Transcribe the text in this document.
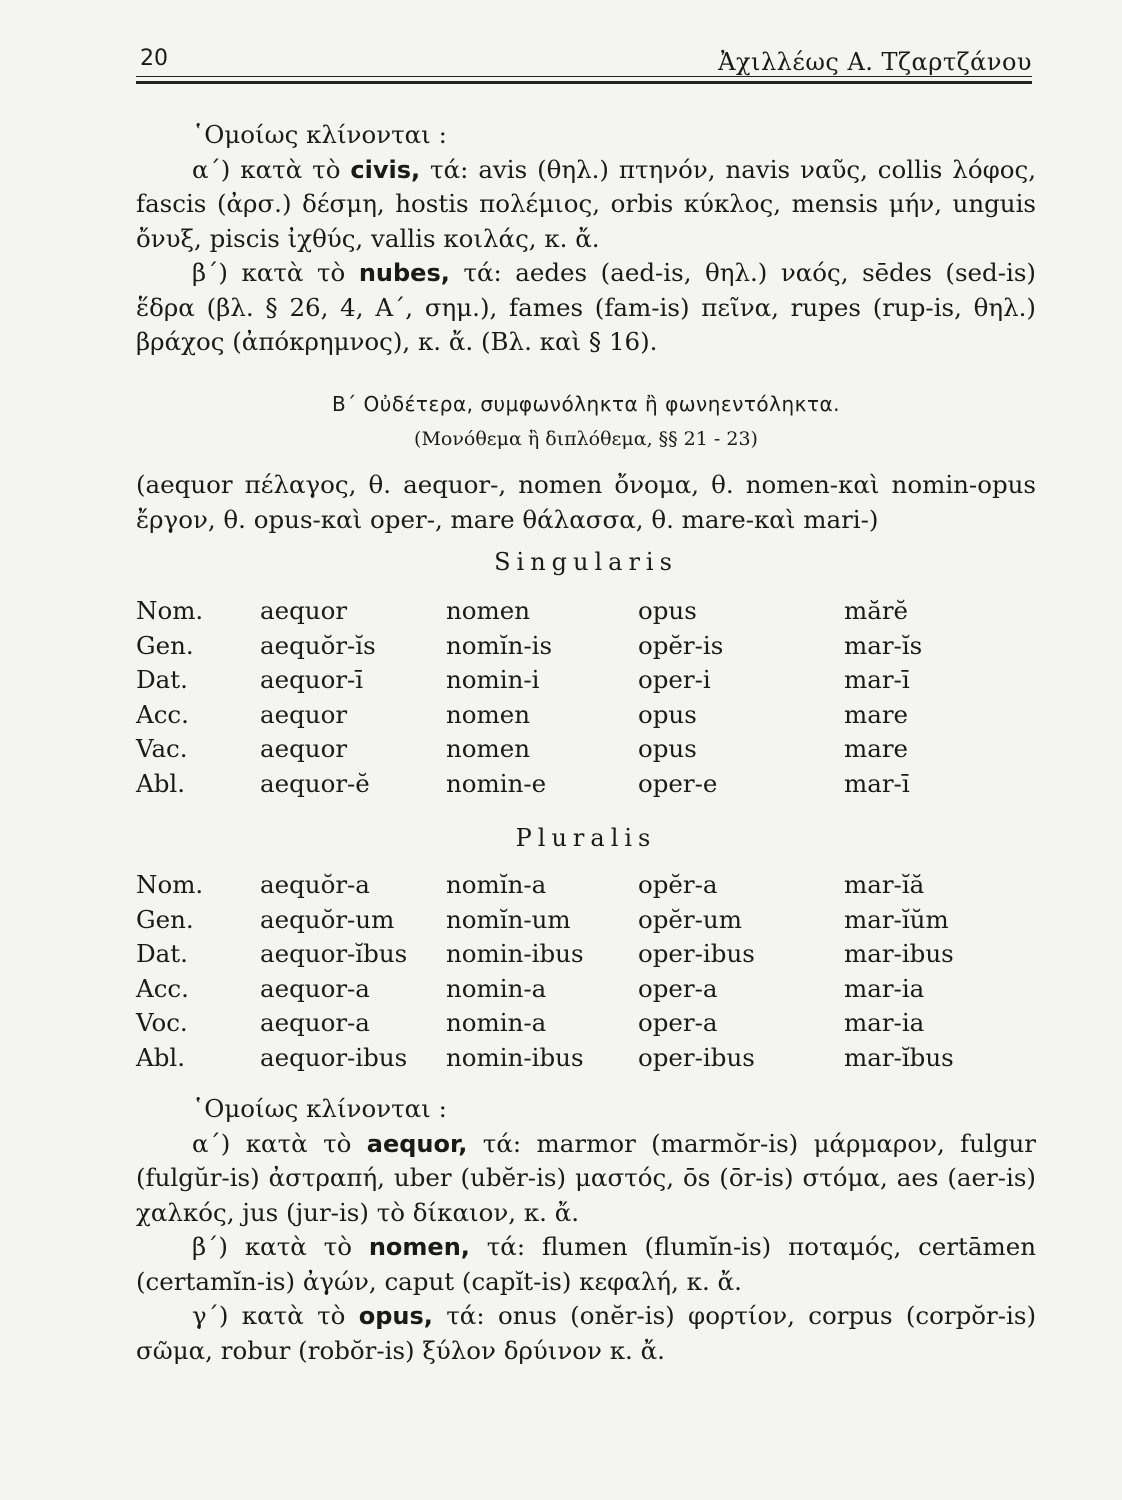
20	Ἀχιλλέως Α. Τζαρτζάνου

῾Ομοίως κλίνονται :

α΄) κατὰ τὸ civis, τά: avis (θηλ.) πτηνόν, navis ναῦς, collis λόφος, fascis (ἀρσ.) δέσμη, hostis πολέμιος, orbis κύκλος, mensis μήν, unguis ὄνυξ, piscis ἰχθύς, vallis κοιλάς, κ. ἄ.

β΄) κατὰ τὸ nubes, τά: aedes (aed-is, θηλ.) ναός, sēdes (sed-is) ἕδρα (βλ. § 26, 4, Α΄, σημ.), fames (fam-is) πεῖνα, rupes (rup-is, θηλ.) βράχος (ἀπόκρημνος), κ. ἄ. (Βλ. καὶ § 16).

Β΄ Οὐδέτερα, συμφωνόληκτα ἢ φωνηεντόληκτα.
(Μονόθεμα ἢ διπλόθεμα, §§ 21 - 23)

(aequor πέλαγος, θ. aequor-, nomen ὄνομα, θ. nomen-καὶ nomin-opus ἔργον, θ. opus-καὶ oper-, mare θάλασσα, θ. mare-καὶ mari-)

Singularis
Nom.	aequor	nomen	opus	mărĕ
Gen.	aequŏr-ĭs	nomĭn-is	opĕr-is	mar-ĭs
Dat.	aequor-ī	nomin-i	oper-i	mar-ī
Acc.	aequor	nomen	opus	mare
Vac.	aequor	nomen	opus	mare
Abl.	aequor-ĕ	nomin-e	oper-e	mar-ī
Pluralis
Nom.	aequŏr-a	nomĭn-a	opĕr-a	mar-ĭă
Gen.	aequŏr-um	nomĭn-um	opĕr-um	mar-ĭŭm
Dat.	aequor-ĭbus	nomin-ibus	oper-ibus	mar-ibus
Acc.	aequor-a	nomin-a	oper-a	mar-ia
Voc.	aequor-a	nomin-a	oper-a	mar-ia
Abl.	aequor-ibus	nomin-ibus	oper-ibus	mar-ĭbus

῾Ομοίως κλίνονται :

α΄) κατὰ τὸ aequor, τά: marmor (marmŏr-is) μάρμαρον, fulgur (fulgŭr-is) ἀστραπή, uber (ubĕr-is) μαστός, ōs (ōr-is) στόμα, aes (aer-is) χαλκός, jus (jur-is) τὸ δίκαιον, κ. ἄ.

β΄) κατὰ τὸ nomen, τά: flumen (flumĭn-is) ποταμός, certāmen (certamĭn-is) ἀγών, caput (capĭt-is) κεφαλή, κ. ἄ.

γ΄) κατὰ τὸ opus, τά: onus (onĕr-is) φορτίον, corpus (corpŏr-is) σῶμα, robur (robŏr-is) ξύλον δρύινον κ. ἄ.
